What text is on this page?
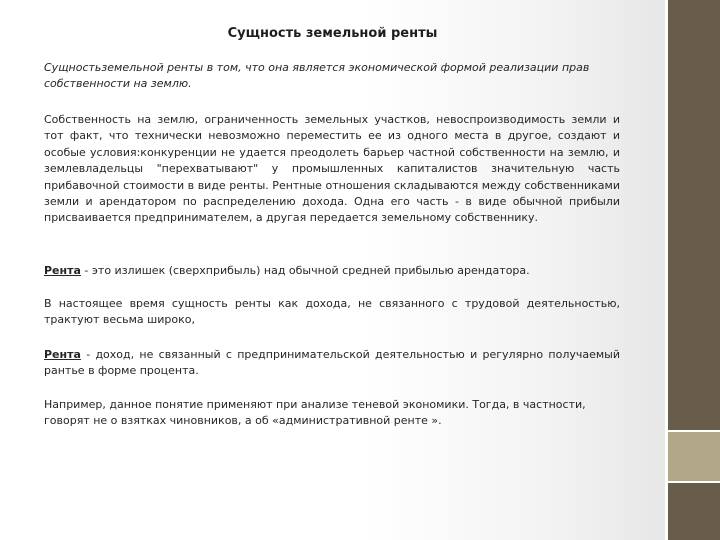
Сущность земельной ренты

Сущностьземельной ренты в том, что она является экономической формой реализации прав собственности на землю.

Собственность на землю, ограниченность земельных участков, невоспроизводимость земли и тот факт, что технически невозможно переместить ее из одного места в другое, создают и особые условия:конкуренции не удается преодолеть барьер частной собственности на землю, и землевладельцы "перехватывают" у промышленных капиталистов значительную часть прибавочной стоимости в виде ренты. Рентные отношения складываются между собственниками земли и арендатором по распределению дохода. Одна его часть - в виде обычной прибыли присваивается предпринимателем, а другая передается земельному собственнику.

Рента - это излишек (сверхприбыль) над обычной средней прибылью арендатора.

В настоящее время сущность ренты как дохода, не связанного с трудовой деятельностью, трактуют весьма широко,

Рента - доход, не связанный с предпринимательской деятельностью и регулярно получаемый рантье в форме процента.

Например, данное понятие применяют при анализе теневой экономики. Тогда, в частности, говорят не о взятках чиновников, а об «административной ренте ».
